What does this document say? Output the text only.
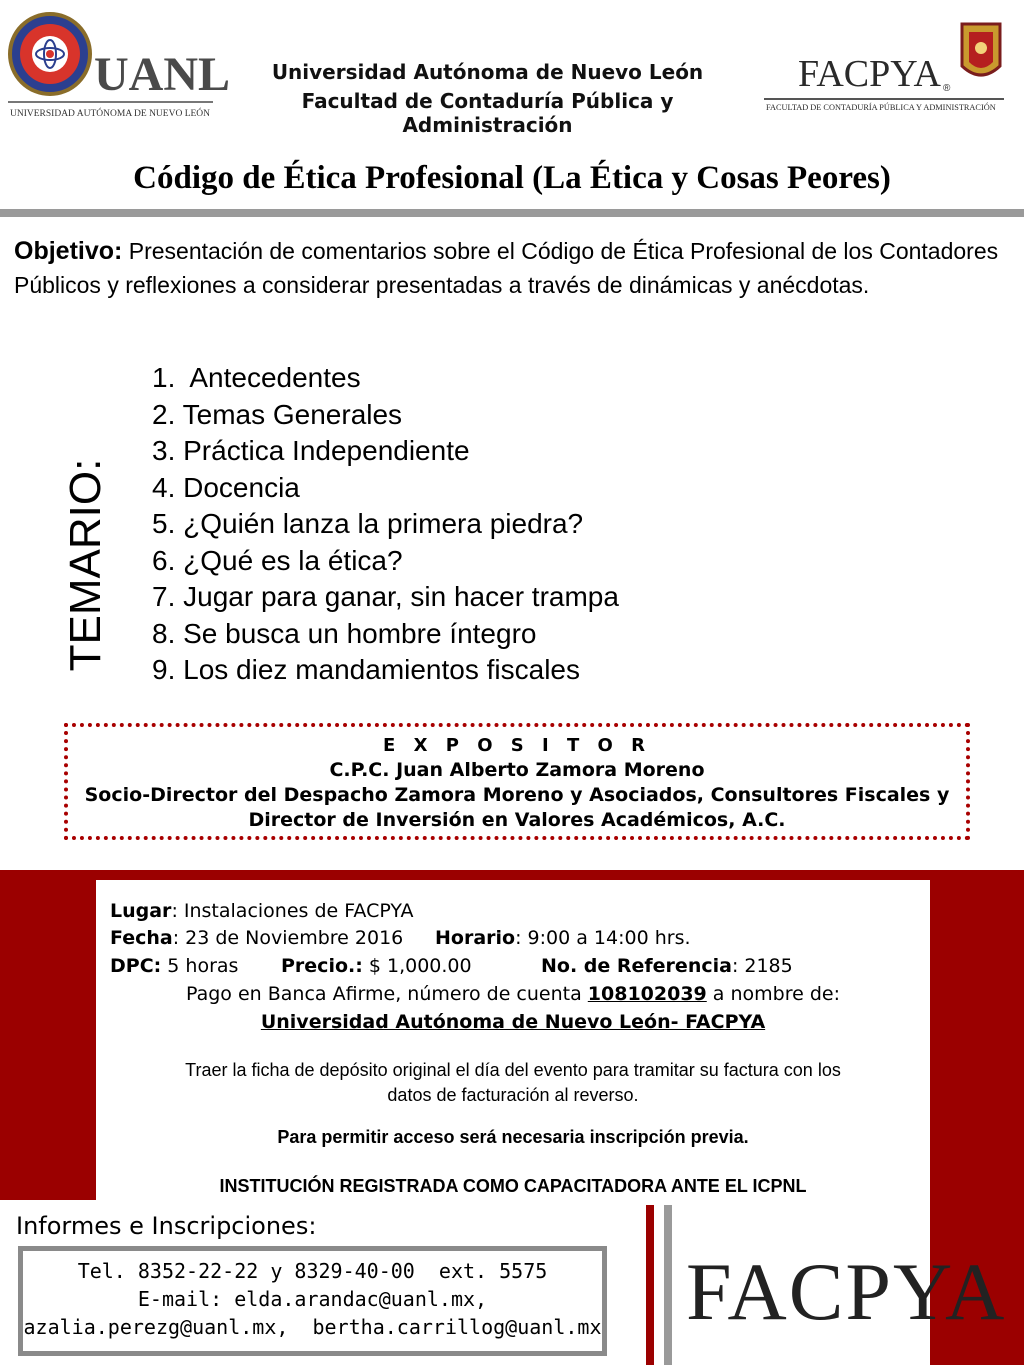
UANL
UNIVERSIDAD AUTÓNOMA DE NUEVO LEÓN
Universidad Autónoma de Nuevo León
Facultad de Contaduría Pública y Administración
FACPYA ®
FACULTAD DE CONTADURÍA PÚBLICA Y ADMINISTRACIÓN
Código de Ética Profesional (La Ética y Cosas Peores)
Objetivo: Presentación de comentarios sobre el Código de Ética Profesional de los Contadores Públicos y reflexiones a considerar presentadas a través de dinámicas y anécdotas.
TEMARIO:
1.  Antecedentes
2. Temas Generales
3. Práctica Independiente
4. Docencia
5. ¿Quién lanza la primera piedra?
6. ¿Qué es la ética?
7. Jugar para ganar, sin hacer trampa
8. Se busca un hombre íntegro
9. Los diez mandamientos fiscales
E X P O S I T O R
C.P.C. Juan Alberto Zamora Moreno
Socio-Director del Despacho Zamora Moreno y Asociados, Consultores Fiscales y
Director de Inversión en Valores Académicos, A.C.
Lugar: Instalaciones de FACPYA
Fecha: 23 de Noviembre 2016 Horario: 9:00 a 14:00 hrs.
DPC: 5 horas Precio.: $ 1,000.00	No. de Referencia: 2185
Pago en Banca Afirme, número de cuenta 108102039 a nombre de:
Universidad Autónoma de Nuevo León- FACPYA
Traer la ficha de depósito original el día del evento para tramitar su factura con los
datos de facturación al reverso.
Para permitir acceso será necesaria inscripción previa.
INSTITUCIÓN REGISTRADA COMO CAPACITADORA ANTE EL ICPNL
Informes e Inscripciones:
Tel. 8352-22-22 y 8329-40-00  ext. 5575
E-mail: elda.arandac@uanl.mx,
azalia.perezg@uanl.mx,  bertha.carrillog@uanl.mx FACPYA
